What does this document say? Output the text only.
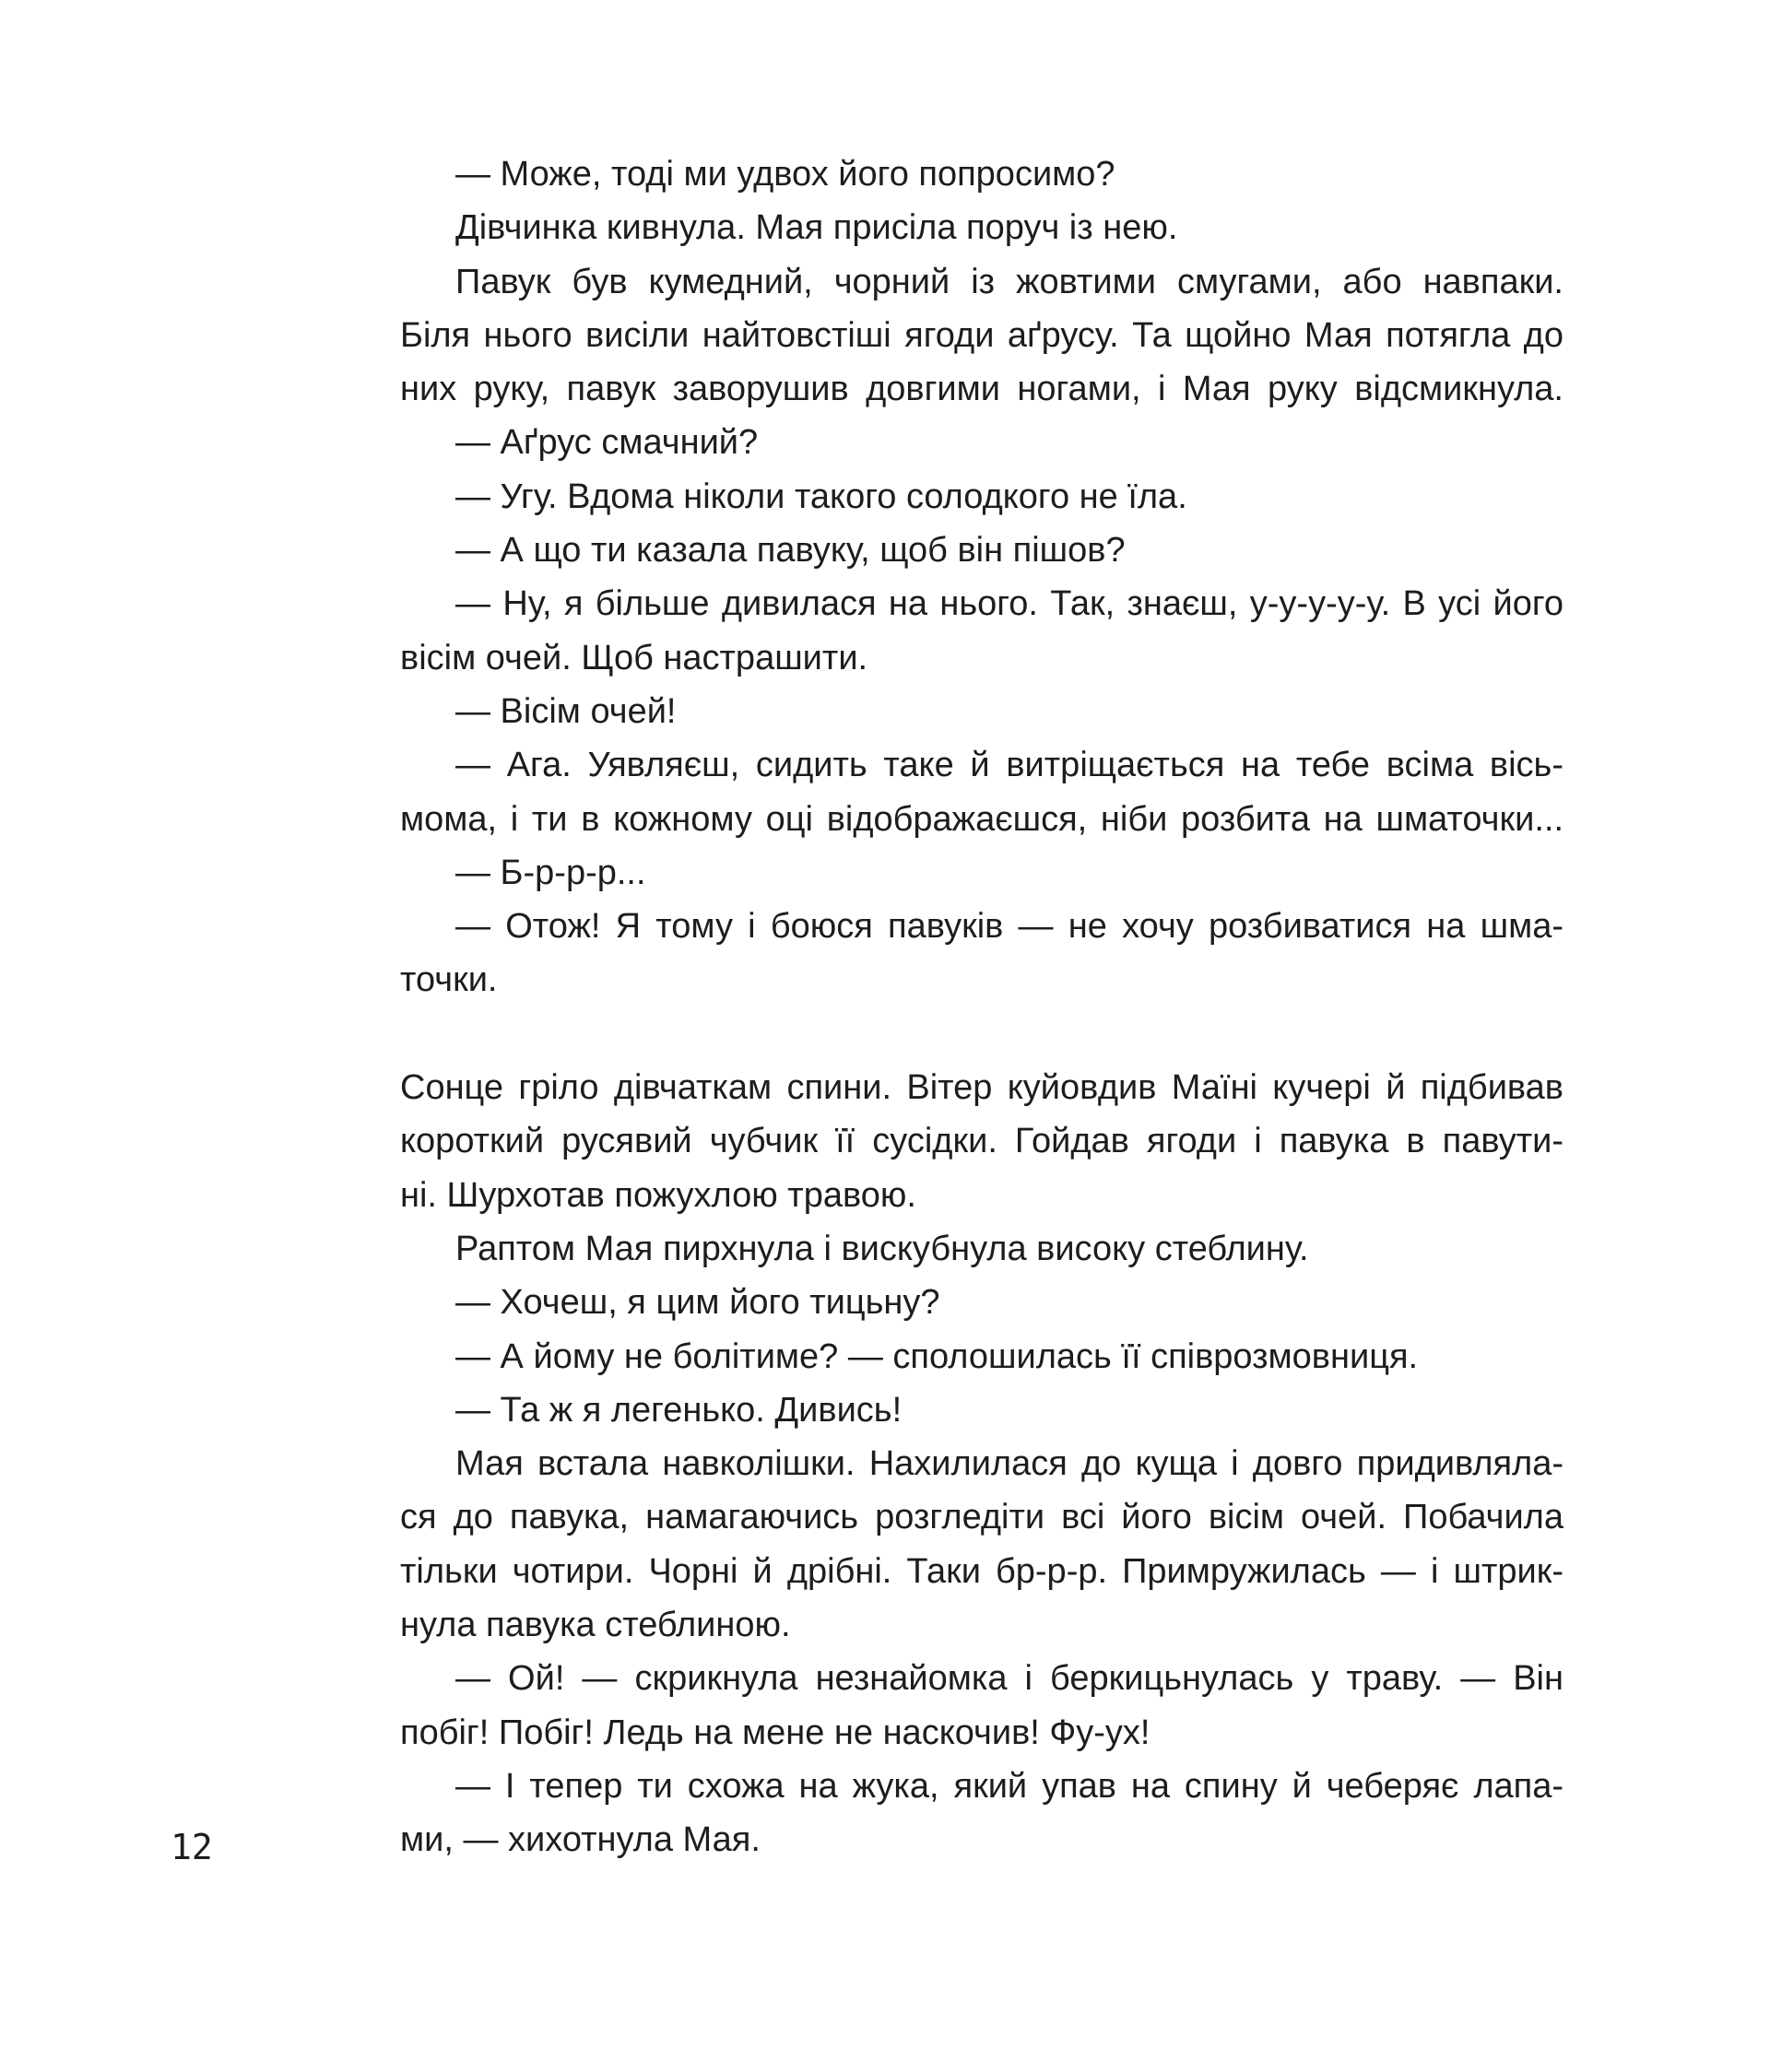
— Може, тоді ми удвох його попросимо?
Дівчинка кивнула. Мая присіла поруч із нею.
Павук був кумедний, чорний із жовтими смугами, або навпаки.
Біля нього висіли найтовстіші ягоди аґрусу. Та щойно Мая потягла до
них руку, павук заворушив довгими ногами, і Мая руку відсмикнула.
— Аґрус смачний?
— Угу. Вдома ніколи такого солодкого не їла.
— А що ти казала павуку, щоб він пішов?
— Ну, я більше дивилася на нього. Так, знаєш, у-у-у-у-у. В усі його
вісім очей. Щоб настрашити.
— Вісім очей!
— Ага. Уявляєш, сидить таке й витріщається на тебе всіма вісь-
мома, і ти в кожному оці відображаєшся, ніби розбита на шматочки...
— Б-р-р-р...
— Отож! Я тому і боюся павуків — не хочу розбиватися на шма-
точки.
Сонце гріло дівчаткам спини. Вітер куйовдив Маїні кучері й підбивав
короткий русявий чубчик її сусідки. Гойдав ягоди і павука в павути-
ні. Шурхотав пожухлою травою.
Раптом Мая пирхнула і вискубнула високу стеблину.
— Хочеш, я цим його тицьну?
— А йому не болітиме? — сполошилась її співрозмовниця.
— Та ж я легенько. Дивись!
Мая встала навколішки. Нахилилася до куща і довго придивляла-
ся до павука, намагаючись розгледіти всі його вісім очей. Побачила
тільки чотири. Чорні й дрібні. Таки бр-р-р. Примружилась — і штрик-
нула павука стеблиною.
— Ой! — скрикнула незнайомка і беркицьнулась у траву. — Він
побіг! Побіг! Ледь на мене не наскочив! Фу-ух!
— І тепер ти схожа на жука, який упав на спину й чеберяє лапа-
ми, — хихотнула Мая.
12
